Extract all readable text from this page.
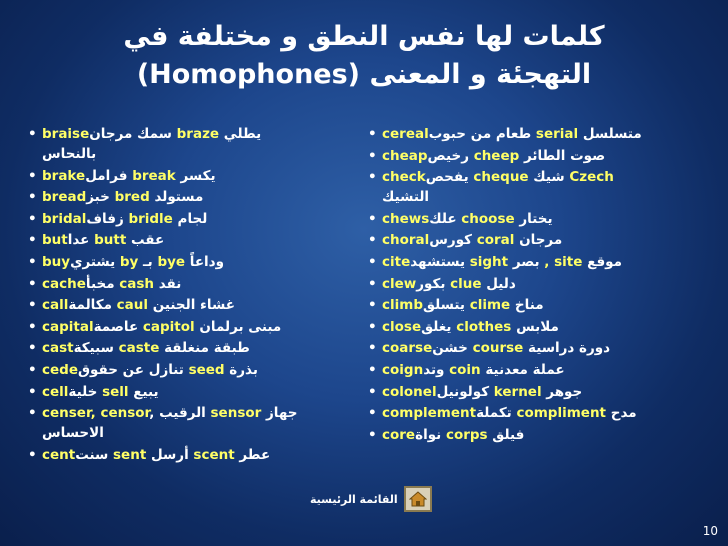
كلمات لها نفس النطق و مختلفة في
التهجئة و المعنى (Homophones)
• braiseسمك مرجان braze يطلي
بالنحاس
• brakeفرامل break يكسر
• breadخبز bred مستولد
• bridalزفاف bridle لجام
• butعدا butt عقب
• buyيشتري by بـ bye وداعاً
• cacheمخبأ cash نقد
• callمكالمة caul غشاء الجنين
• capitalعاصمة capitol مبنى برلمان
• castسبيكة caste طبقة منغلقة
• cedeتنازل عن حقوق seed بذرة
• cellخلية sell يبيع
• censer, censor, الرقيب sensor جهاز
الاحساس
• centسنت sent أرسل scent عطر
• cerealطعام من حبوب serial متسلسل
• cheapرخيص cheep صوت الطائر
• checkيفحص cheque شيك Czech
التشيك
• chewsعلك choose يختار
• choralكورس coral مرجان
• citeيستشهد sight بصر , site موقع
• clewبكور clue دليل
• climbيتسلق clime مناخ
• closeيغلق clothes ملابس
• coarseخشن course دورة دراسية
• coignوتد coin عملة معدنية
• colonelكولونيل kernel جوهر
• complementتكملة compliment مدح
• coreنواة corps فيلق
القائمة الرئيسية
10
